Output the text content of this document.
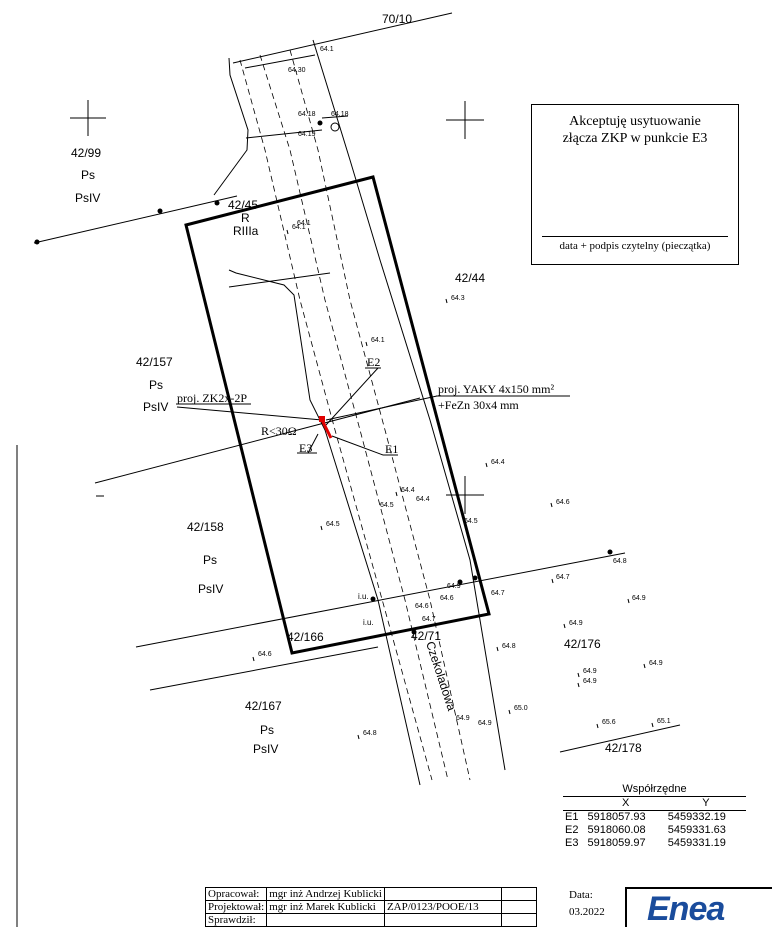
70/10
42/99
Ps
PsIV	42/45
R
RIIIa
42/44
42/157
Ps
PsIV
42/158
Ps
PsIV
42/166	42/71
42/176
42/167
Ps
PsIV	42/178
Czekoladowa
E2
E1
E3
proj. ZK2x-2P
proj. YAKY 4x150 mm²
+FeZn 30x4 mm
R<30Ω
i.u.
i.u.
64.1
64.30
64.18 64.18
64.19
64.1
64.3
64.1
64.4
64.4
64.5
64.4
64.5
64.5
64.6
64.8
64.7
64.6
64.6
64.7
64.9
64.9
64.7
64.8
64.9
64.9
64.9
64.9
65.0
64.9
64.9
65.6	65.1
64.8
64.6
64.1
Akceptuję usytuowanie
złącza ZKP w punkcie E3
data + podpis czytelny (pieczątka)
Współrzędne
	X	Y
E1	5918057.93	5459332.19
E2	5918060.08	5459331.63
E3	5918059.97	5459331.19
Opracował:	mgr inż Andrzej Kublicki		
Projektował:	mgr inż Marek Kublicki	ZAP/0123/POOE/13	
Sprawdził:			
Data:
03.2022 Enea
